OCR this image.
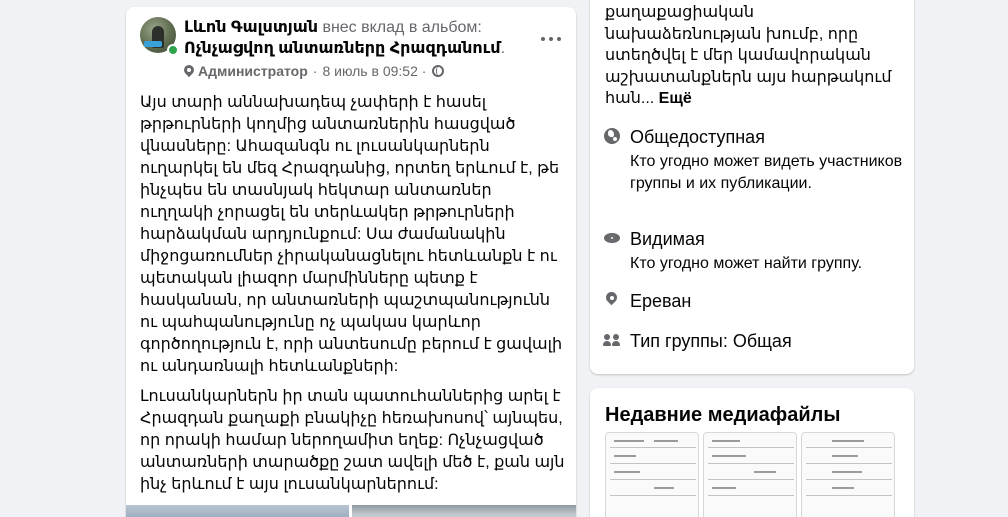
Լևոն Գալստյան внес вклад в альбом:
Ոչնչացվող անտառները Հրազդանում.
Администратор · 8 июль в 09:52 ·

Այս տարի աննախադեպ չափերի է հասել թրթուրների կողմից անտառներին հասցված վնասները: Ահազանգն ու լուսանկարներն ուղարկել են մեզ Հրազդանից, որտեղ երևում է, թե ինչպես են տասնյակ հեկտար անտառներ ուղղակի չորացել են տերևակեր թրթուրների հարձակման արդյունքում: Սա ժամանակին միջոցառումներ չիրականացնելու հետևանքն է ու պետական լիազոր մարմինները պետք է հասկանան, որ անտառների պաշտպանությունն ու պահպանությունը ոչ պակաս կարևոր գործողություն է, որի անտեսումը բերում է ցավալի ու անդառնալի հետևանքների:

Լուսանկարներն իր տան պատուհաններից արել է Հրազդան քաղաքի բնակիչը հեռախոսով՝ այնպես, որ որակի համար ներողամիտ եղեք: Ոչնչացված անտառների տարածքը շատ ավելի մեծ է, քան այն ինչ երևում է այս լուսանկարներում:

քաղաքացիական նախաձեռնության խումբ, որը ստեղծվել է մեր կամավորական աշխատանքներն այս հարթակում հան... Ещё
Общедоступная
Кто угодно может видеть участников группы и их публикации.
Видимая
Кто угодно может найти группу.
Ереван
Тип группы: Общая
Недавние медиафайлы
